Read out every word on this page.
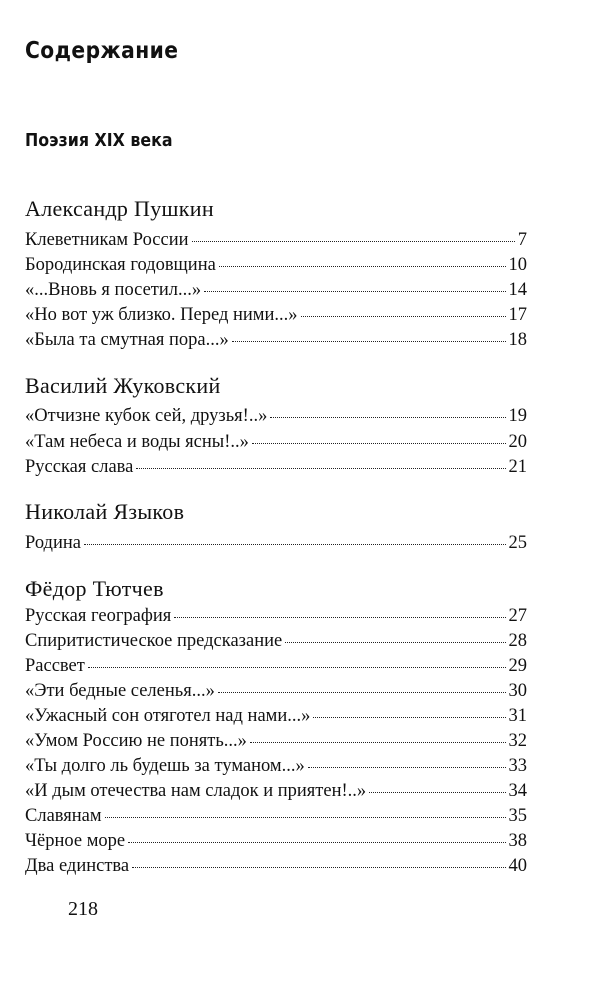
Содержание
Поэзия XIX века
Александр Пушкин
Клеветникам России	7
Бородинская годовщина	10
«...Вновь я посетил...»	14
«Но вот уж близко. Перед ними...»	17
«Была та смутная пора...»	18
Василий Жуковский
«Отчизне кубок сей, друзья!..»	19
«Там небеса и воды ясны!..»	20
Русская слава	21
Николай Языков
Родина	25
Фёдор Тютчев
Русская география	27
Спиритистическое предсказание	28
Рассвет	29
«Эти бедные селенья...»	30
«Ужасный сон отяготел над нами...»	31
«Умом Россию не понять...»	32
«Ты долго ль будешь за туманом...»	33
«И дым отечества нам сладок и приятен!..»	34
Славянам	35
Чёрное море	38
Два единства	40
218
